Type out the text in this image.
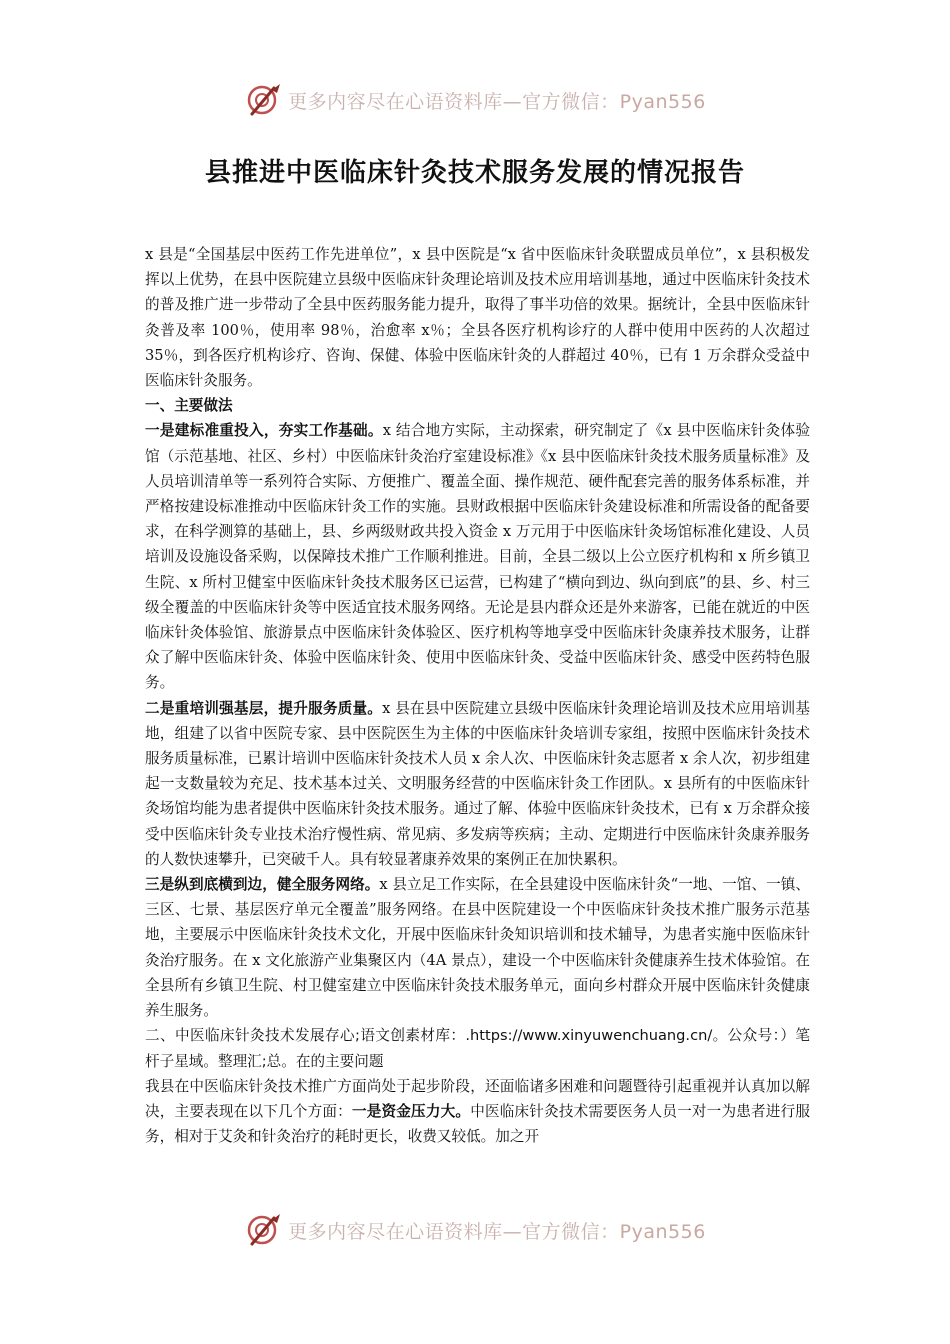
更多内容尽在心语资料库—官方微信：Pyan556
县推进中医临床针灸技术服务发展的情况报告

x 县是“全国基层中医药工作先进单位”，x 县中医院是“x 省中医临床针灸联盟成员单位”，x 县积极发挥以上优势，在县中医院建立县级中医临床针灸理论培训及技术应用培训基地，通过中医临床针灸技术的普及推广进一步带动了全县中医药服务能力提升，取得了事半功倍的效果。据统计，全县中医临床针灸普及率 100％，使用率 98％，治愈率 x％；全县各医疗机构诊疗的人群中使用中医药的人次超过 35％，到各医疗机构诊疗、咨询、保健、体验中医临床针灸的人群超过 40％，已有 1 万余群众受益中医临床针灸服务。

一、主要做法

一是建标准重投入，夯实工作基础。x 结合地方实际，主动探索，研究制定了《x 县中医临床针灸体验馆（示范基地、社区、乡村）中医临床针灸治疗室建设标准》《x 县中医临床针灸技术服务质量标准》及人员培训清单等一系列符合实际、方便推广、覆盖全面、操作规范、硬件配套完善的服务体系标准，并严格按建设标准推动中医临床针灸工作的实施。县财政根据中医临床针灸建设标准和所需设备的配备要求，在科学测算的基础上，县、乡两级财政共投入资金 x 万元用于中医临床针灸场馆标准化建设、人员培训及设施设备采购，以保障技术推广工作顺利推进。目前，全县二级以上公立医疗机构和 x 所乡镇卫生院、x 所村卫健室中医临床针灸技术服务区已运营，已构建了“横向到边、纵向到底”的县、乡、村三级全覆盖的中医临床针灸等中医适宜技术服务网络。无论是县内群众还是外来游客，已能在就近的中医临床针灸体验馆、旅游景点中医临床针灸体验区、医疗机构等地享受中医临床针灸康养技术服务，让群众了解中医临床针灸、体验中医临床针灸、使用中医临床针灸、受益中医临床针灸、感受中医药特色服务。

二是重培训强基层，提升服务质量。x 县在县中医院建立县级中医临床针灸理论培训及技术应用培训基地，组建了以省中医院专家、县中医院医生为主体的中医临床针灸培训专家组，按照中医临床针灸技术服务质量标准，已累计培训中医临床针灸技术人员 x 余人次、中医临床针灸志愿者 x 余人次，初步组建起一支数量较为充足、技术基本过关、文明服务经营的中医临床针灸工作团队。x 县所有的中医临床针灸场馆均能为患者提供中医临床针灸技术服务。通过了解、体验中医临床针灸技术，已有 x 万余群众接受中医临床针灸专业技术治疗慢性病、常见病、多发病等疾病；主动、定期进行中医临床针灸康养服务的人数快速攀升，已突破千人。具有较显著康养效果的案例正在加快累积。

三是纵到底横到边，健全服务网络。x 县立足工作实际，在全县建设中医临床针灸“一地、一馆、一镇、三区、七景、基层医疗单元全覆盖”服务网络。在县中医院建设一个中医临床针灸技术推广服务示范基地，主要展示中医临床针灸技术文化，开展中医临床针灸知识培训和技术辅导，为患者实施中医临床针灸治疗服务。在 x 文化旅游产业集聚区内（4A 景点），建设一个中医临床针灸健康养生技术体验馆。在全县所有乡镇卫生院、村卫健室建立中医临床针灸技术服务单元，面向乡村群众开展中医临床针灸健康养生服务。

二、中医临床针灸技术发展存心;语文创素材库：.https://www.xinyuwenchuang.cn/。公众号：）笔杆子星域。整理汇;总。在的主要问题

我县在中医临床针灸技术推广方面尚处于起步阶段，还面临诸多困难和问题暨待引起重视并认真加以解决，主要表现在以下几个方面：一是资金压力大。中医临床针灸技术需要医务人员一对一为患者进行服务，相对于艾灸和针灸治疗的耗时更长，收费又较低。加之开

更多内容尽在心语资料库—官方微信：Pyan556
